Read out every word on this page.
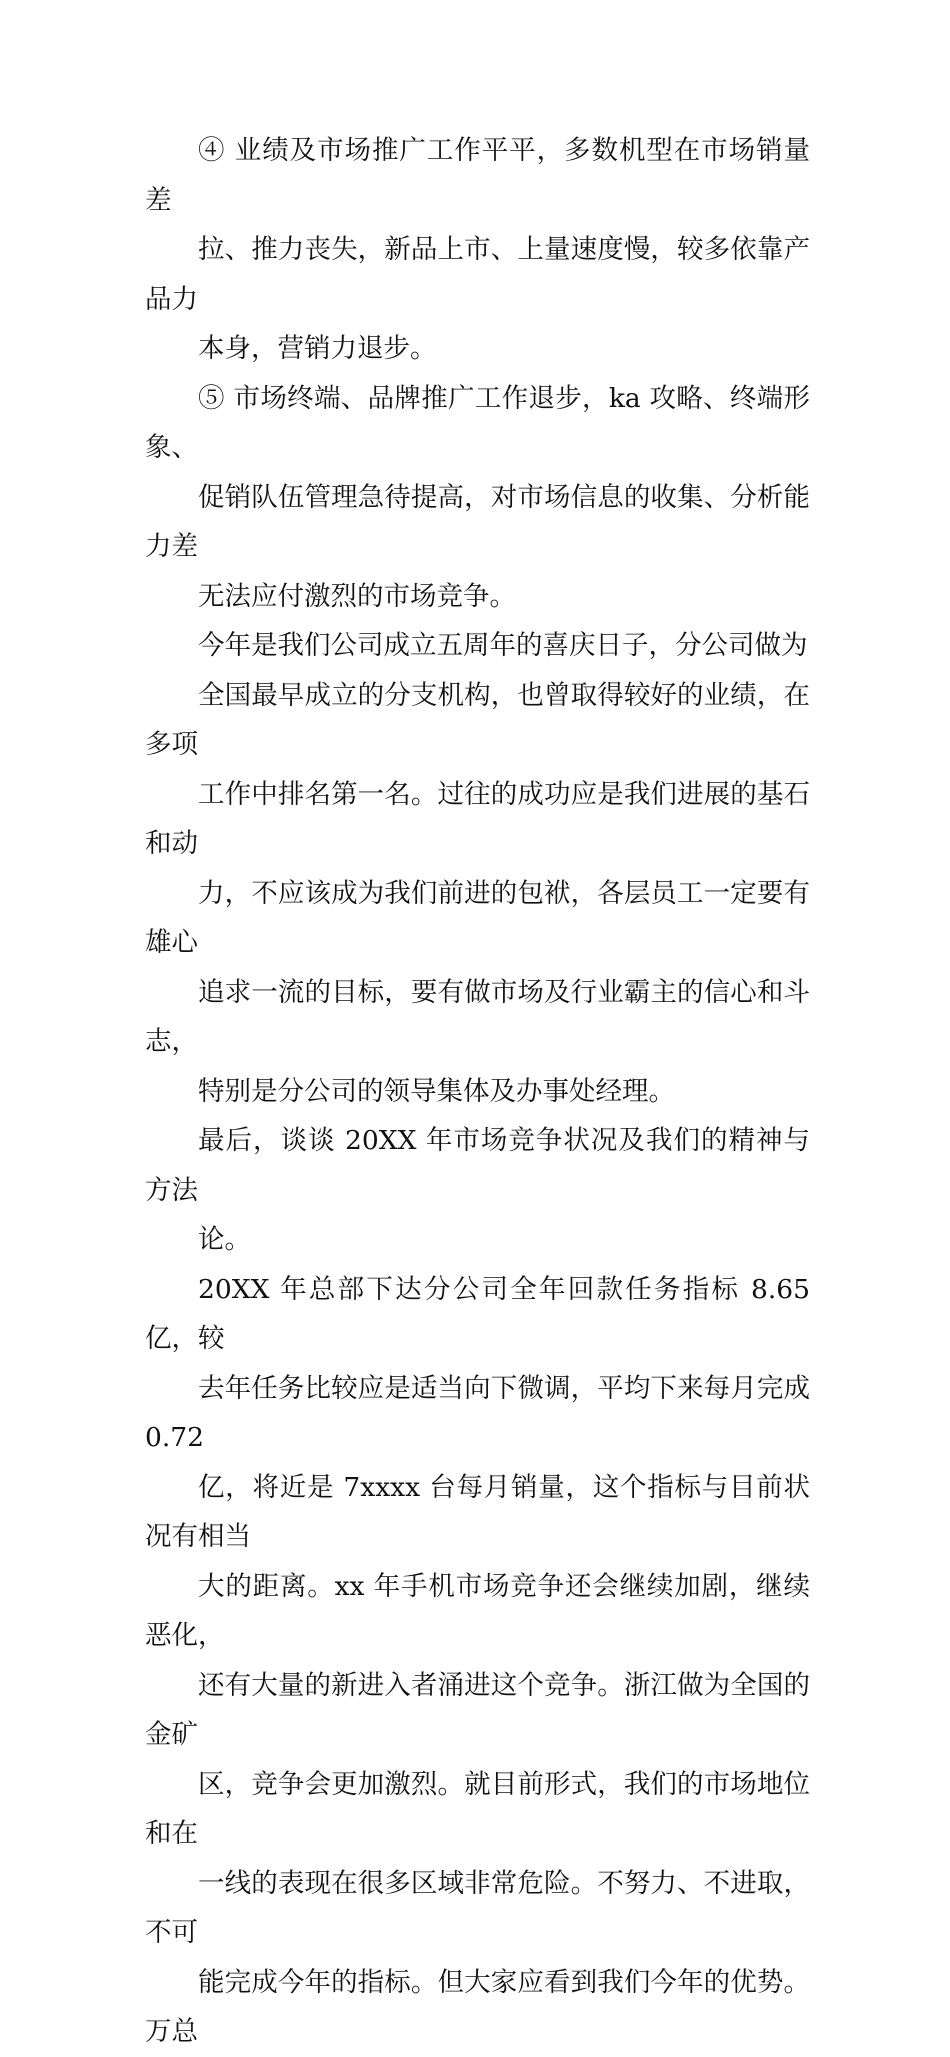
④ 业绩及市场推广工作平平，多数机型在市场销量差
拉、推力丧失，新品上市、上量速度慢，较多依靠产品力
本身，营销力退步。

⑤ 市场终端、品牌推广工作退步，ka 攻略、终端形象、
促销队伍管理急待提高，对市场信息的收集、分析能力差
无法应付激烈的市场竞争。

今年是我们公司成立五周年的喜庆日子，分公司做为
全国最早成立的分支机构，也曾取得较好的业绩，在多项
工作中排名第一名。过往的成功应是我们进展的基石和动
力，不应该成为我们前进的包袱，各层员工一定要有雄心
追求一流的目标，要有做市场及行业霸主的信心和斗志，
特别是分公司的领导集体及办事处经理。

最后，谈谈 20XX 年市场竞争状况及我们的精神与方法
论。

20XX 年总部下达分公司全年回款任务指标 8.65 亿，较
去年任务比较应是适当向下微调，平均下来每月完成 0.72
亿，将近是 7xxxx 台每月销量，这个指标与目前状况有相当
大的距离。xx 年手机市场竞争还会继续加剧，继续恶化，
还有大量的新进入者涌进这个竞争。浙江做为全国的金矿
区，竞争会更加激烈。就目前形式，我们的市场地位和在
一线的表现在很多区域非常危险。不努力、不进取，不可
能完成今年的指标。但大家应看到我们今年的优势。万总
